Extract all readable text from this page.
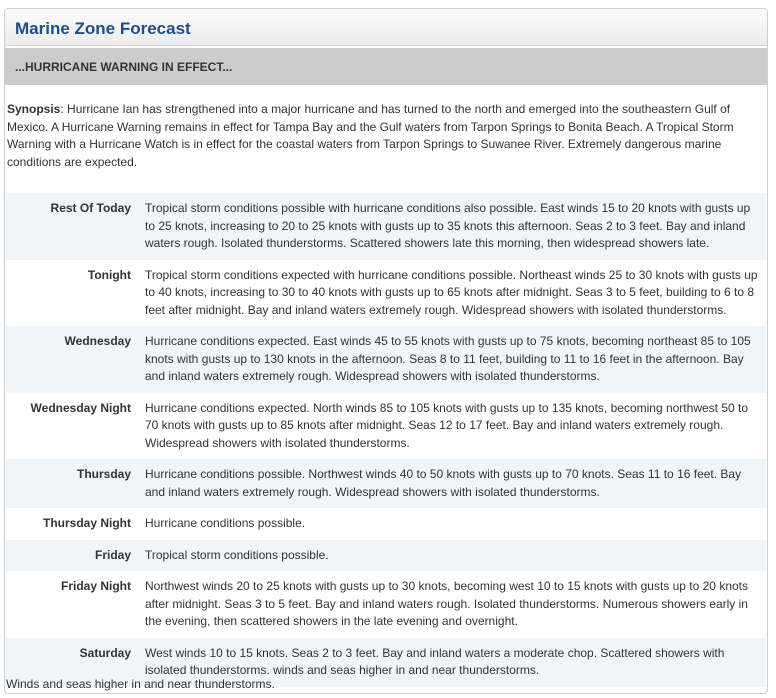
Marine Zone Forecast
...HURRICANE WARNING IN EFFECT...
Synopsis: Hurricane Ian has strengthened into a major hurricane and has turned to the north and emerged into the southeastern Gulf of Mexico. A Hurricane Warning remains in effect for Tampa Bay and the Gulf waters from Tarpon Springs to Bonita Beach. A Tropical Storm Warning with a Hurricane Watch is in effect for the coastal waters from Tarpon Springs to Suwanee River. Extremely dangerous marine conditions are expected.
Rest Of Today	Tropical storm conditions possible with hurricane conditions also possible. East winds 15 to 20 knots with gusts up to 25 knots, increasing to 20 to 25 knots with gusts up to 35 knots this afternoon. Seas 2 to 3 feet. Bay and inland waters rough. Isolated thunderstorms. Scattered showers late this morning, then widespread showers late.
Tonight	Tropical storm conditions expected with hurricane conditions possible. Northeast winds 25 to 30 knots with gusts up to 40 knots, increasing to 30 to 40 knots with gusts up to 65 knots after midnight. Seas 3 to 5 feet, building to 6 to 8 feet after midnight. Bay and inland waters extremely rough. Widespread showers with isolated thunderstorms.
Wednesday	Hurricane conditions expected. East winds 45 to 55 knots with gusts up to 75 knots, becoming northeast 85 to 105 knots with gusts up to 130 knots in the afternoon. Seas 8 to 11 feet, building to 11 to 16 feet in the afternoon. Bay and inland waters extremely rough. Widespread showers with isolated thunderstorms.
Wednesday Night	Hurricane conditions expected. North winds 85 to 105 knots with gusts up to 135 knots, becoming northwest 50 to 70 knots with gusts up to 85 knots after midnight. Seas 12 to 17 feet. Bay and inland waters extremely rough. Widespread showers with isolated thunderstorms.
Thursday	Hurricane conditions possible. Northwest winds 40 to 50 knots with gusts up to 70 knots. Seas 11 to 16 feet. Bay and inland waters extremely rough. Widespread showers with isolated thunderstorms.
Thursday Night	Hurricane conditions possible.
Friday	Tropical storm conditions possible.
Friday Night	Northwest winds 20 to 25 knots with gusts up to 30 knots, becoming west 10 to 15 knots with gusts up to 20 knots after midnight. Seas 3 to 5 feet. Bay and inland waters rough. Isolated thunderstorms. Numerous showers early in the evening, then scattered showers in the late evening and overnight.
Saturday	West winds 10 to 15 knots. Seas 2 to 3 feet. Bay and inland waters a moderate chop. Scattered showers with isolated thunderstorms. winds and seas higher in and near thunderstorms.
Winds and seas higher in and near thunderstorms.
